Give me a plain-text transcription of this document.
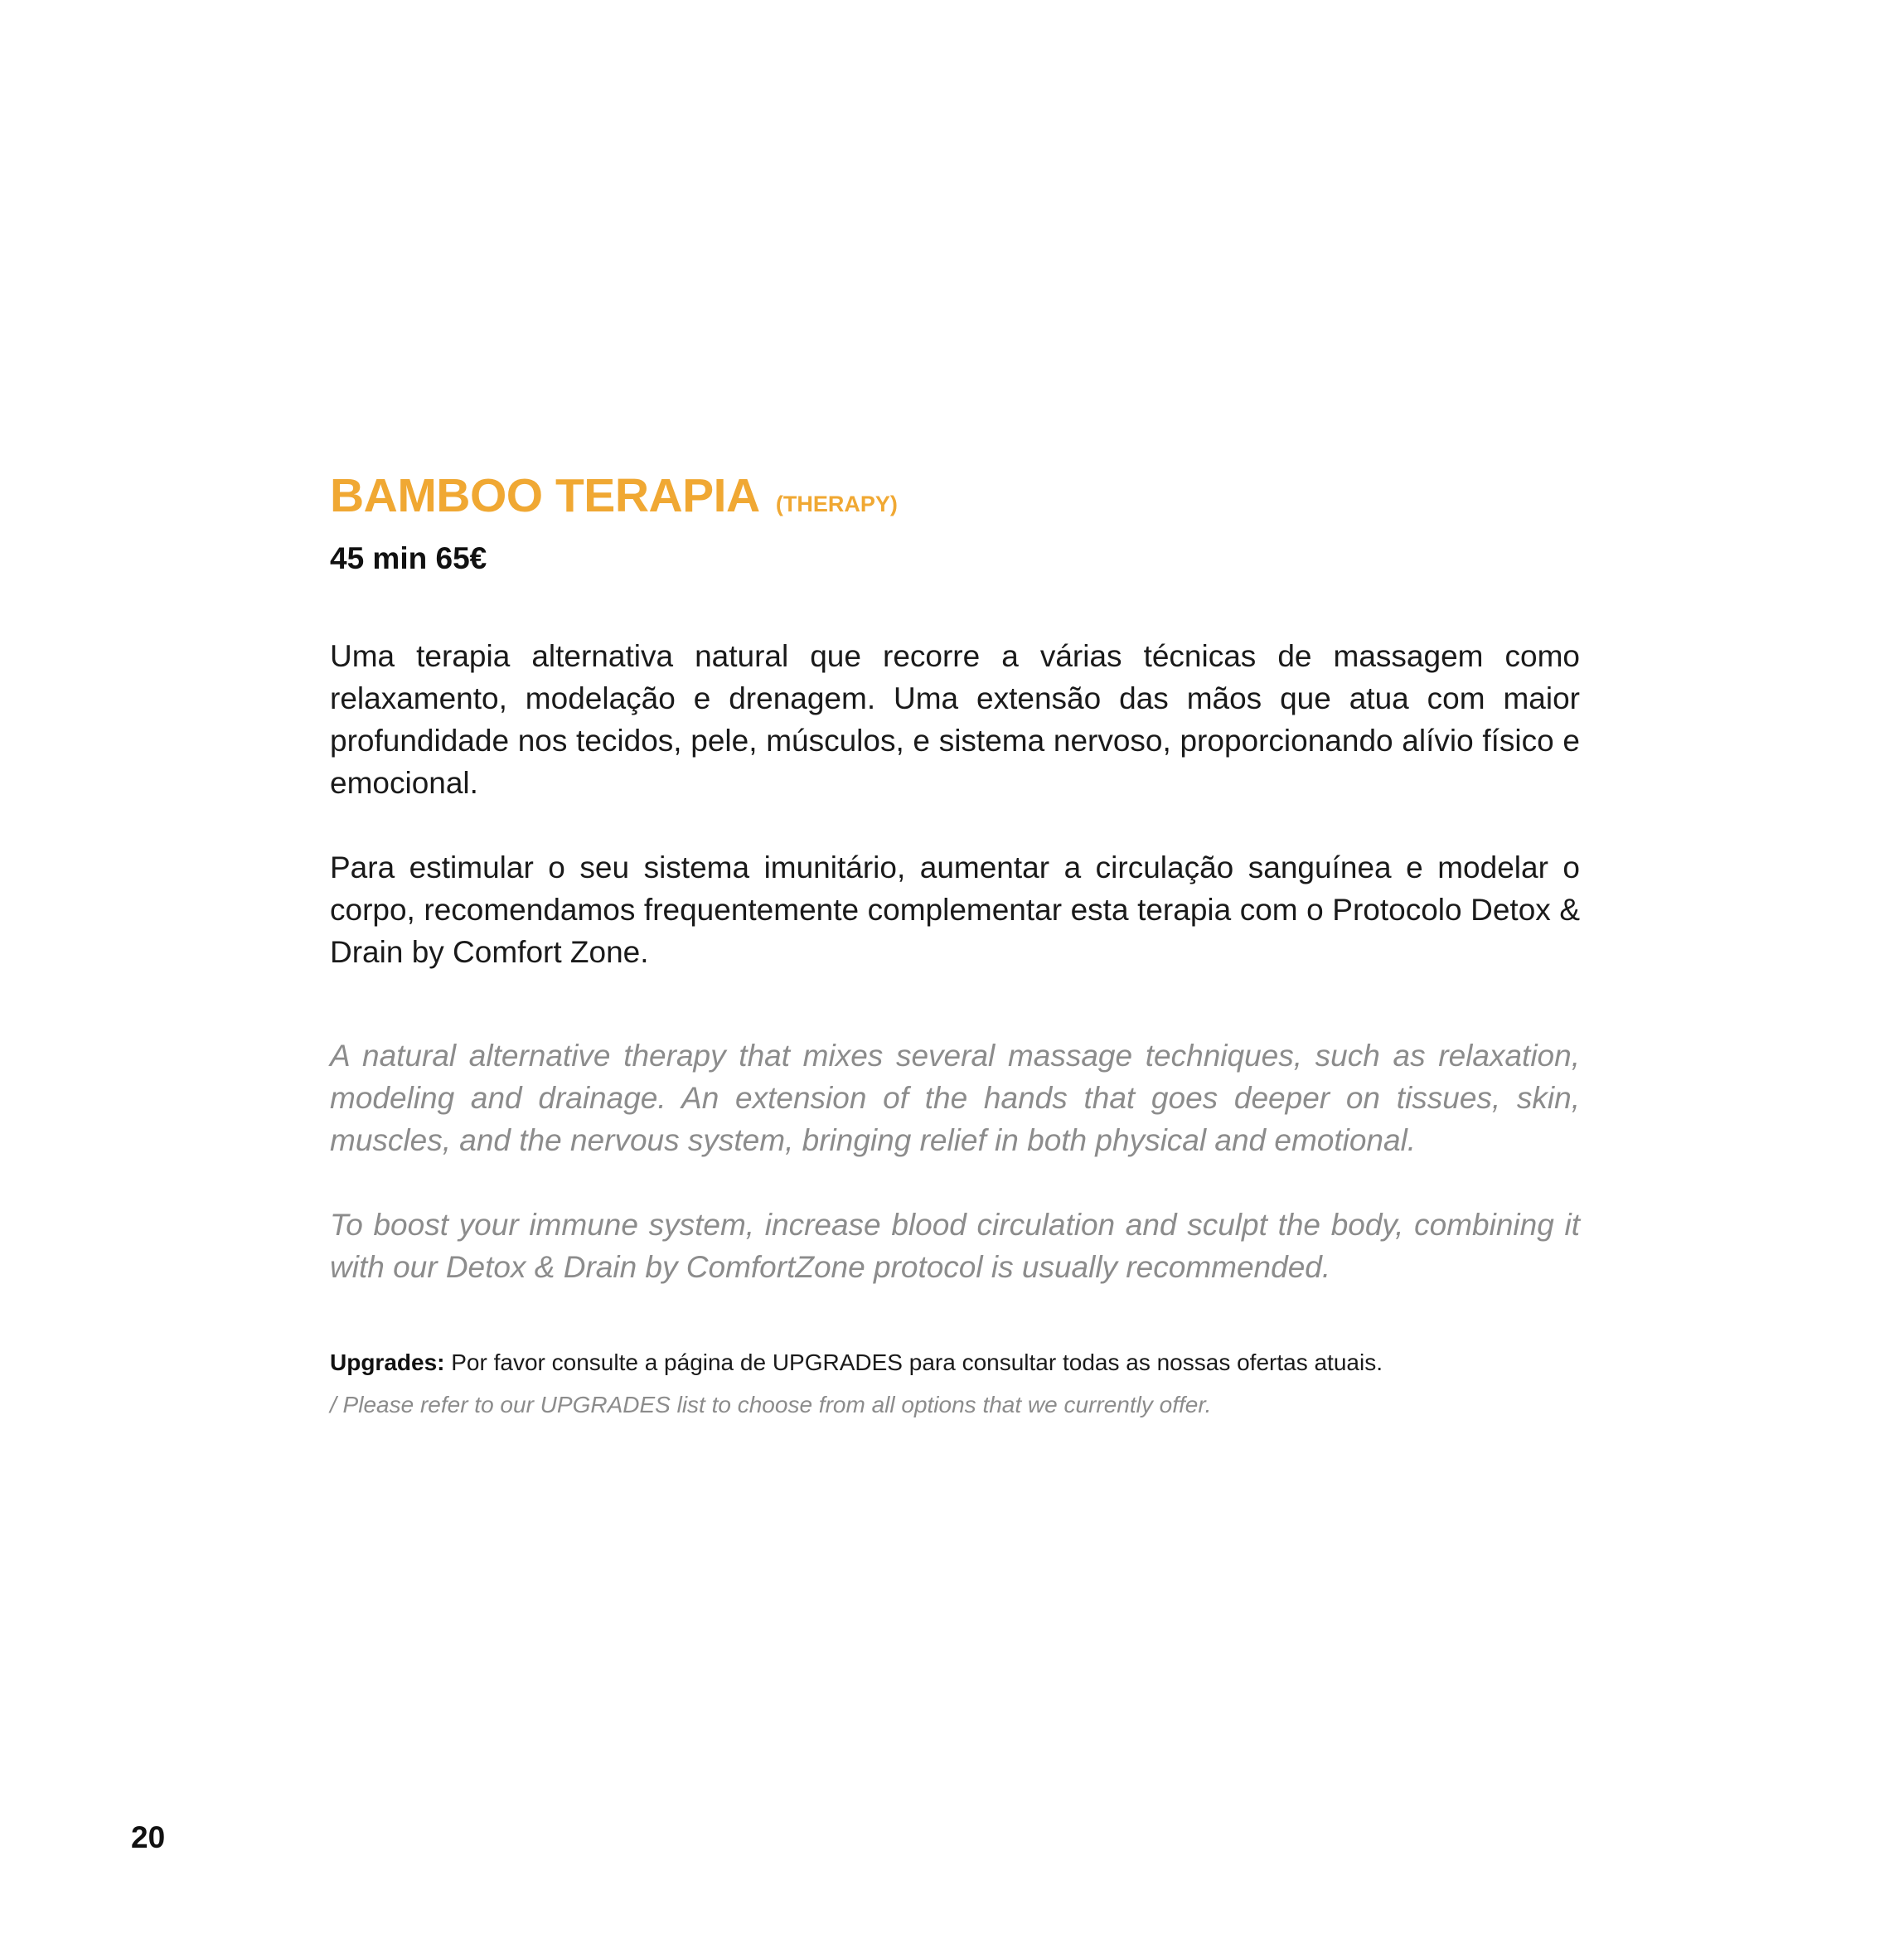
BAMBOO TERAPIA (THERAPY)

45 min 65€

Uma terapia alternativa natural que recorre a várias técnicas de massagem como relaxamento, modelação e drenagem. Uma extensão das mãos que atua com maior profundidade nos tecidos, pele, músculos, e sistema nervoso, proporcionando alívio físico e emocional.

Para estimular o seu sistema imunitário, aumentar a circulação sanguínea e modelar o corpo, recomendamos frequentemente complementar esta terapia com o Protocolo Detox & Drain by Comfort Zone.

A natural alternative therapy that mixes several massage techniques, such as relaxation, modeling and drainage. An extension of the hands that goes deeper on tissues, skin, muscles, and the nervous system, bringing relief in both physical and emotional.

To boost your immune system, increase blood circulation and sculpt the body, combining it with our Detox & Drain by ComfortZone protocol is usually recommended.

Upgrades: Por favor consulte a página de UPGRADES para consultar todas as nossas ofertas atuais.

/ Please refer to our UPGRADES list to choose from all options that we currently offer.

20
